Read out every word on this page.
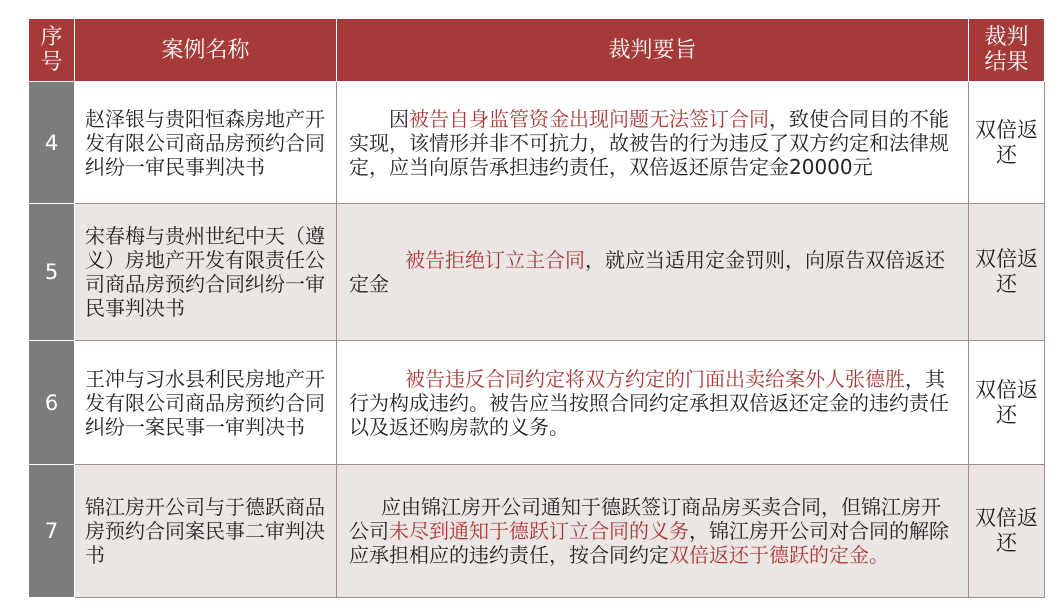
序号	案例名称	裁判要旨	裁判结果
4	赵泽银与贵阳恒森房地产开发有限公司商品房预约合同纠纷一审民事判决书	因被告自身监管资金出现问题无法签订合同，致使合同目的不能实现，该情形并非不可抗力，故被告的行为违反了双方约定和法律规定，应当向原告承担违约责任，双倍返还原告定金20000元	双倍返还
5	宋春梅与贵州世纪中天（遵义）房地产开发有限责任公司商品房预约合同纠纷一审民事判决书	被告拒绝订立主合同，就应当适用定金罚则，向原告双倍返还定金	双倍返还
6	王冲与习水县利民房地产开发有限公司商品房预约合同纠纷一案民事一审判决书	被告违反合同约定将双方约定的门面出卖给案外人张德胜，其行为构成违约。被告应当按照合同约定承担双倍返还定金的违约责任以及返还购房款的义务。	双倍返还
7	锦江房开公司与于德跃商品房预约合同案民事二审判决书	应由锦江房开公司通知于德跃签订商品房买卖合同，但锦江房开公司未尽到通知于德跃订立合同的义务，锦江房开公司对合同的解除应承担相应的违约责任，按合同约定双倍返还于德跃的定金。	双倍返还
